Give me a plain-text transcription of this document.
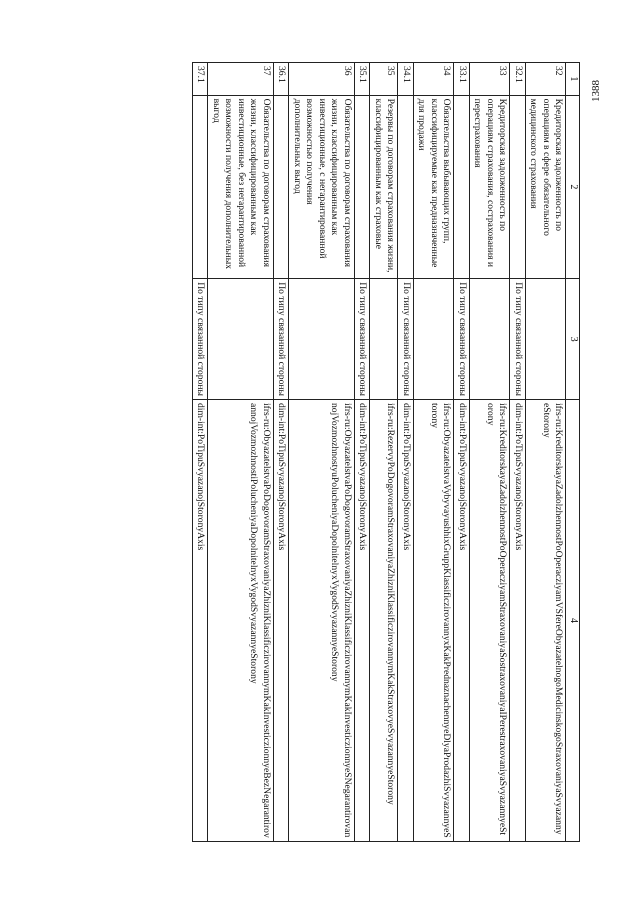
1388
1	2	3	4
32	Кредиторская задолженность по операциям в сфере обязательного медицинского страхования		ifrs-ru:KreditorskayaZadolzhennostPoOperacziyamVSfereObyazatelnogoMedicinskogoStraxovaniyaSvyazannyeStorony
32.1		По типу связанной стороны	dim-int:PoTipuSvyazanojStoronyAxis
33	Кредиторская задолженность по операциям страхования, сострахования и перестрахования		ifrs-ru:KreditorskayaZadolzhennostPoOperacziyamStraxovaniyaSostraxovaniyaIPerestraxovaniyaSvyazannyeStorony
33.1		По типу связанной стороны	dim-int:PoTipuSvyazanojStoronyAxis
34	Обязательства выбывающих групп, классифицируемые как предназначенные для продажи		ifrs-ru:ObyazatelstvaVybyvayushhixGruppKlassificzirovannyxKakPrednaznachennyeDlyaProdazhiSvyazannyeStorony
34.1		По типу связанной стороны	dim-int:PoTipuSvyazanojStoronyAxis
35	Резервы по договорам страхования жизни, классифицированным как страховые		ifrs-ru:RezervyPoDogovoramStraxovaniyaZhizniKlassificzirovannymKakStraxovyeSvyazannyeStorony
35.1		По типу связанной стороны	dim-int:PoTipuSvyazanojStoronyAxis
36	Обязательства по договорам страхования жизни, классифицированным как инвестиционные, с негарантированной возможностью получения дополнительных выгод		ifrs-ru:ObyazatelstvaPoDogovoramStraxovaniyaZhizniKlassificzirovannymKakInvesticzionnyeSNegarantirovannojVozmozhnostyuPolucheniyaDopolnitelnyxVygodSvyazannyeStorony
36.1		По типу связанной стороны	dim-int:PoTipuSvyazanojStoronyAxis
37	Обязательства по договорам страхования жизни, классифицированным как инвестиционные, без негарантированной возможности получения дополнительных выгод		ifrs-ru:ObyazatelstvaPoDogovoramStraxovaniyaZhizniKlassificzirovannymKakInvesticzionnyeBezNegarantirovannojVozmozhnostiPolucheniyaDopolnitelnyxVygodSvyazannyeStorony
37.1		По типу связанной стороны	dim-int:PoTipuSvyazanojStoronyAxis
